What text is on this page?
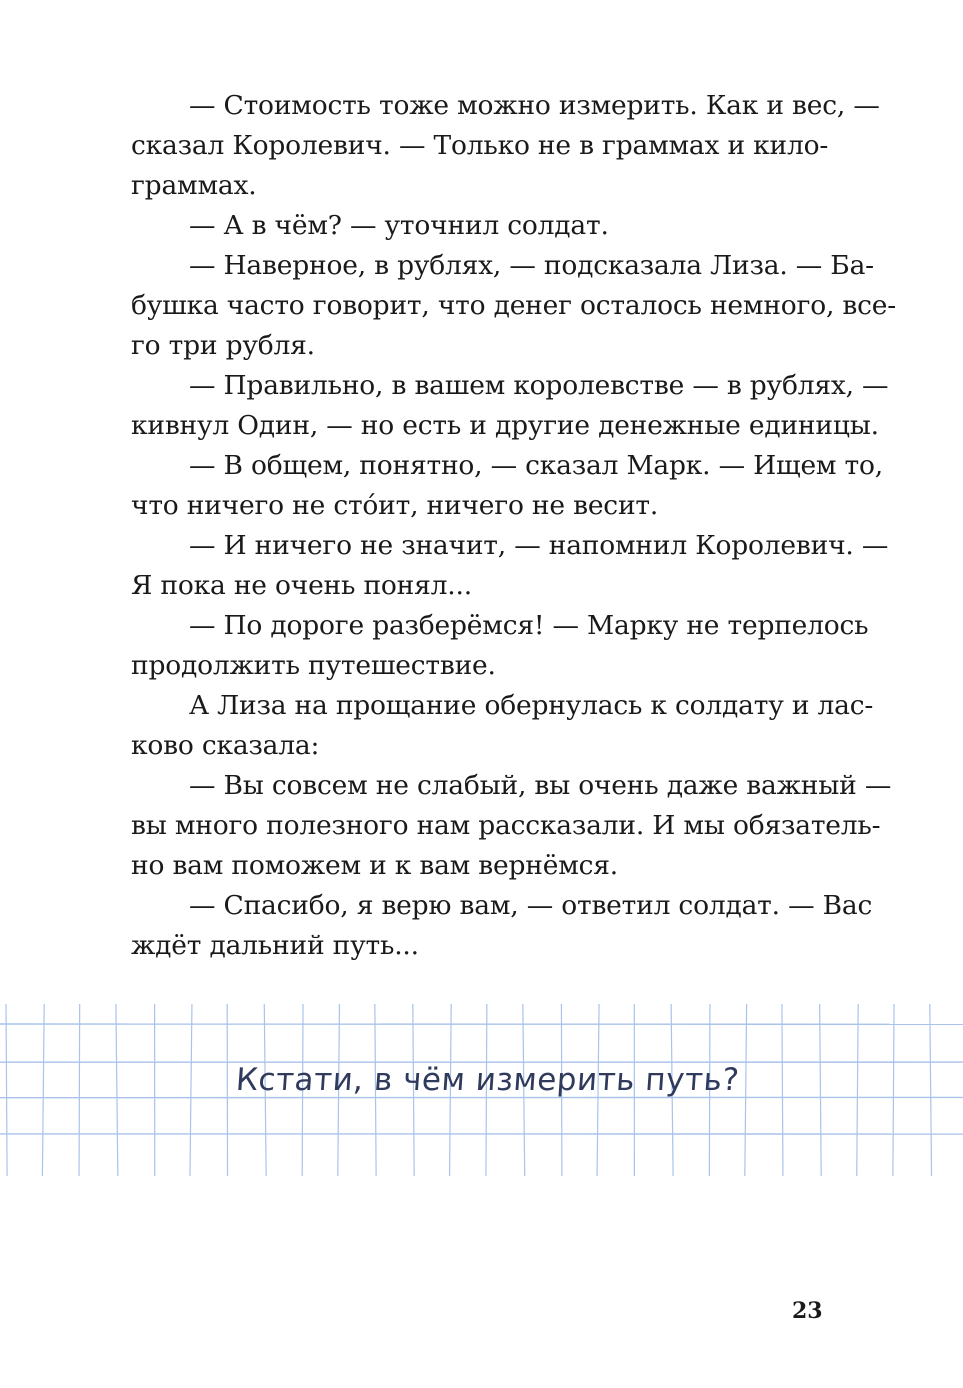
— Стоимость тоже можно измерить. Как и вес, —
сказал Королевич. — Только не в граммах и кило-
граммах.
— А в чём? — уточнил солдат.
— Наверное, в рублях, — подсказала Лиза. — Ба-
бушка часто говорит, что денег осталось немного, все-
го три рубля.
— Правильно, в вашем королевстве — в рублях, —
кивнул Один, — но есть и другие денежные единицы.
— В общем, понятно, — сказал Марк. — Ищем то,
что ничего не сто́ит, ничего не весит.
— И ничего не значит, — напомнил Королевич. —
Я пока не очень понял...
— По дороге разберёмся! — Марку не терпелось
продолжить путешествие.
А Лиза на прощание обернулась к солдату и лас-
ково сказала:
— Вы совсем не слабый, вы очень даже важный —
вы много полезного нам рассказали. И мы обязатель-
но вам поможем и к вам вернёмся.
— Спасибо, я верю вам, — ответил солдат. — Вас
ждёт дальний путь...
Кстати, в чём измерить путь?
23
